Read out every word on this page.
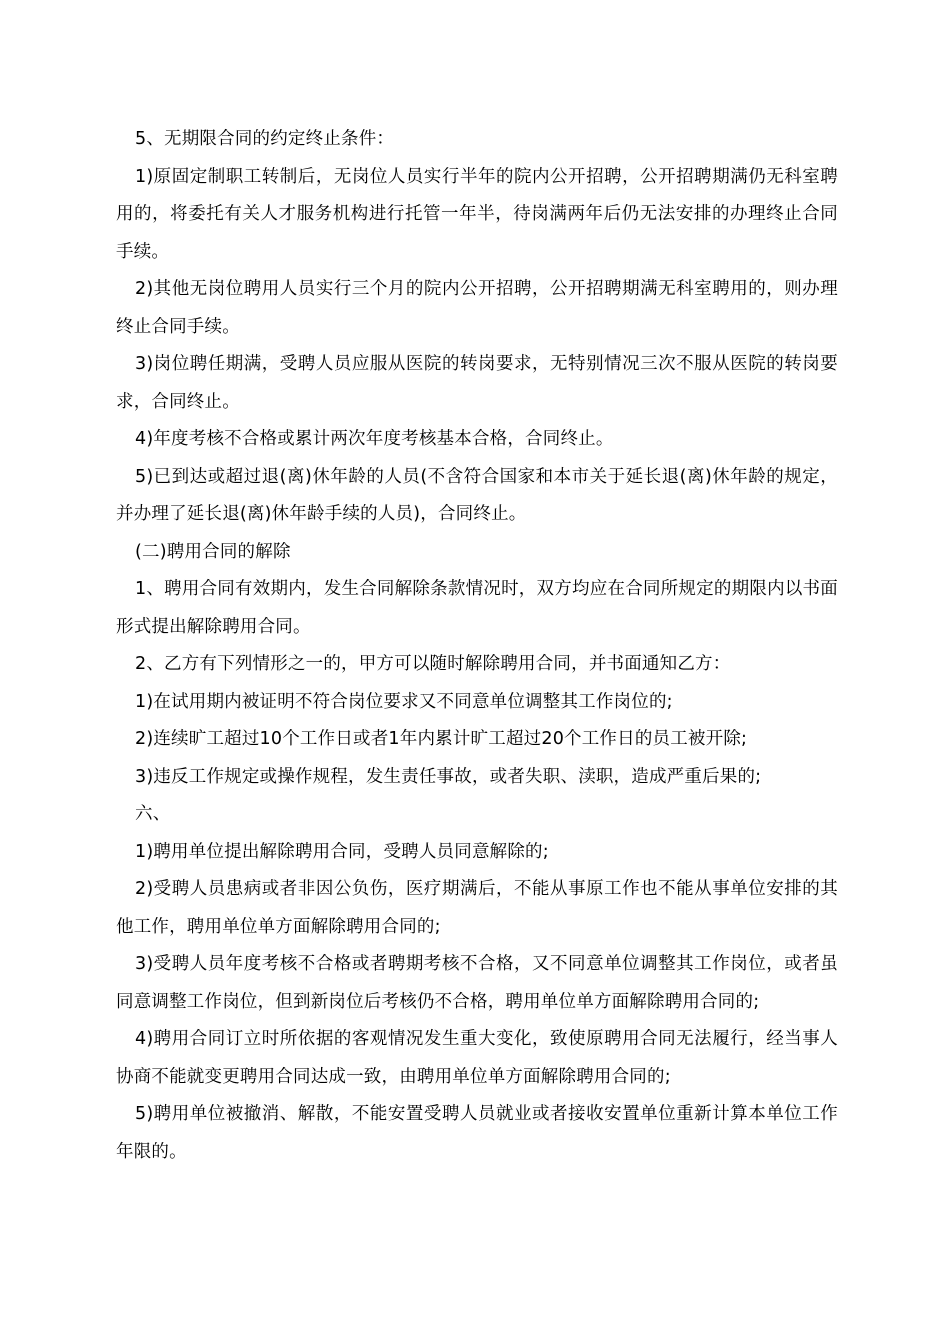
5、无期限合同的约定终止条件：

1)原固定制职工转制后，无岗位人员实行半年的院内公开招聘，公开招聘期满仍无科室聘用的，将委托有关人才服务机构进行托管一年半，待岗满两年后仍无法安排的办理终止合同手续。

2)其他无岗位聘用人员实行三个月的院内公开招聘，公开招聘期满无科室聘用的，则办理终止合同手续。

3)岗位聘任期满，受聘人员应服从医院的转岗要求，无特别情况三次不服从医院的转岗要求，合同终止。

4)年度考核不合格或累计两次年度考核基本合格，合同终止。

5)已到达或超过退(离)休年龄的人员(不含符合国家和本市关于延长退(离)休年龄的规定，并办理了延长退(离)休年龄手续的人员)，合同终止。

(二)聘用合同的解除

1、聘用合同有效期内，发生合同解除条款情况时，双方均应在合同所规定的期限内以书面形式提出解除聘用合同。

2、乙方有下列情形之一的，甲方可以随时解除聘用合同，并书面通知乙方：

1)在试用期内被证明不符合岗位要求又不同意单位调整其工作岗位的;

2)连续旷工超过10个工作日或者1年内累计旷工超过20个工作日的员工被开除;

3)违反工作规定或操作规程，发生责任事故，或者失职、渎职，造成严重后果的;

六、

1)聘用单位提出解除聘用合同，受聘人员同意解除的;

2)受聘人员患病或者非因公负伤，医疗期满后，不能从事原工作也不能从事单位安排的其他工作，聘用单位单方面解除聘用合同的;

3)受聘人员年度考核不合格或者聘期考核不合格，又不同意单位调整其工作岗位，或者虽同意调整工作岗位，但到新岗位后考核仍不合格，聘用单位单方面解除聘用合同的;

4)聘用合同订立时所依据的客观情况发生重大变化，致使原聘用合同无法履行，经当事人协商不能就变更聘用合同达成一致，由聘用单位单方面解除聘用合同的;

5)聘用单位被撤消、解散，不能安置受聘人员就业或者接收安置单位重新计算本单位工作年限的。
